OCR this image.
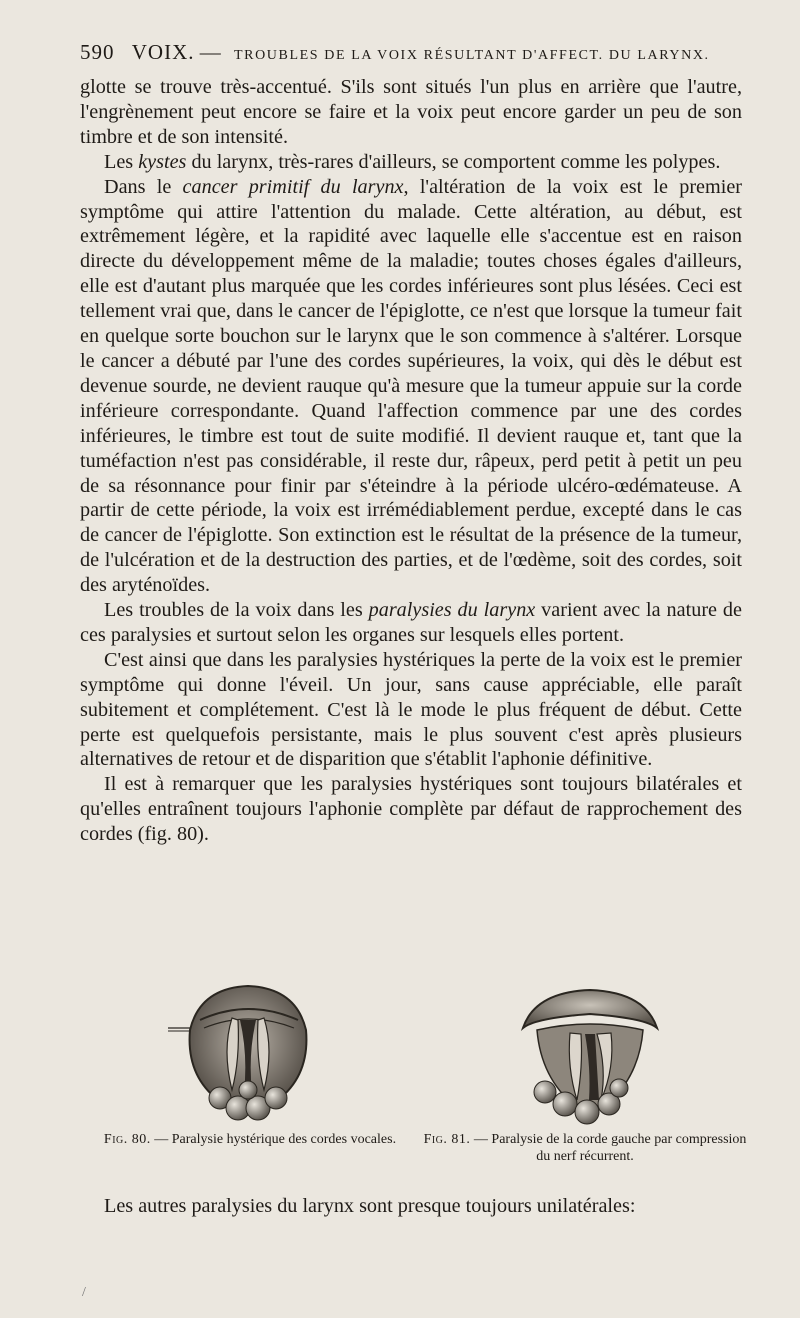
590 VOIX. — TROUBLES DE LA VOIX RÉSULTANT D'AFFECT. DU LARYNX.

glotte se trouve très-accentué. S'ils sont situés l'un plus en arrière que l'autre, l'engrènement peut encore se faire et la voix peut encore garder un peu de son timbre et de son intensité.

Les kystes du larynx, très-rares d'ailleurs, se comportent comme les polypes.

Dans le cancer primitif du larynx, l'altération de la voix est le premier symptôme qui attire l'attention du malade. Cette altération, au début, est extrêmement légère, et la rapidité avec laquelle elle s'accentue est en raison directe du développement même de la maladie; toutes choses égales d'ailleurs, elle est d'autant plus marquée que les cordes inférieures sont plus lésées. Ceci est tellement vrai que, dans le cancer de l'épiglotte, ce n'est que lorsque la tumeur fait en quelque sorte bouchon sur le larynx que le son commence à s'altérer. Lorsque le cancer a débuté par l'une des cordes supérieures, la voix, qui dès le début est devenue sourde, ne devient rauque qu'à mesure que la tumeur appuie sur la corde inférieure correspondante. Quand l'affection commence par une des cordes inférieures, le timbre est tout de suite modifié. Il devient rauque et, tant que la tuméfaction n'est pas considérable, il reste dur, râpeux, perd petit à petit un peu de sa résonnance pour finir par s'éteindre à la période ulcéro-œdémateuse. A partir de cette période, la voix est irrémédiablement perdue, excepté dans le cas de cancer de l'épiglotte. Son extinction est le résultat de la présence de la tumeur, de l'ulcération et de la destruction des parties, et de l'œdème, soit des cordes, soit des aryténoïdes.

Les troubles de la voix dans les paralysies du larynx varient avec la nature de ces paralysies et surtout selon les organes sur lesquels elles portent.

C'est ainsi que dans les paralysies hystériques la perte de la voix est le premier symptôme qui donne l'éveil. Un jour, sans cause appréciable, elle paraît subitement et complétement. C'est là le mode le plus fréquent de début. Cette perte est quelquefois persistante, mais le plus souvent c'est après plusieurs alternatives de retour et de disparition que s'établit l'aphonie définitive.

Il est à remarquer que les paralysies hystériques sont toujours bilatérales et qu'elles entraînent toujours l'aphonie complète par défaut de rapprochement des cordes (fig. 80).

Fig. 80. — Paralysie hystérique des cordes vocales. Fig. 81. — Paralysie de la corde gauche par compression du nerf récurrent.
Les autres paralysies du larynx sont presque toujours unilatérales:
/
